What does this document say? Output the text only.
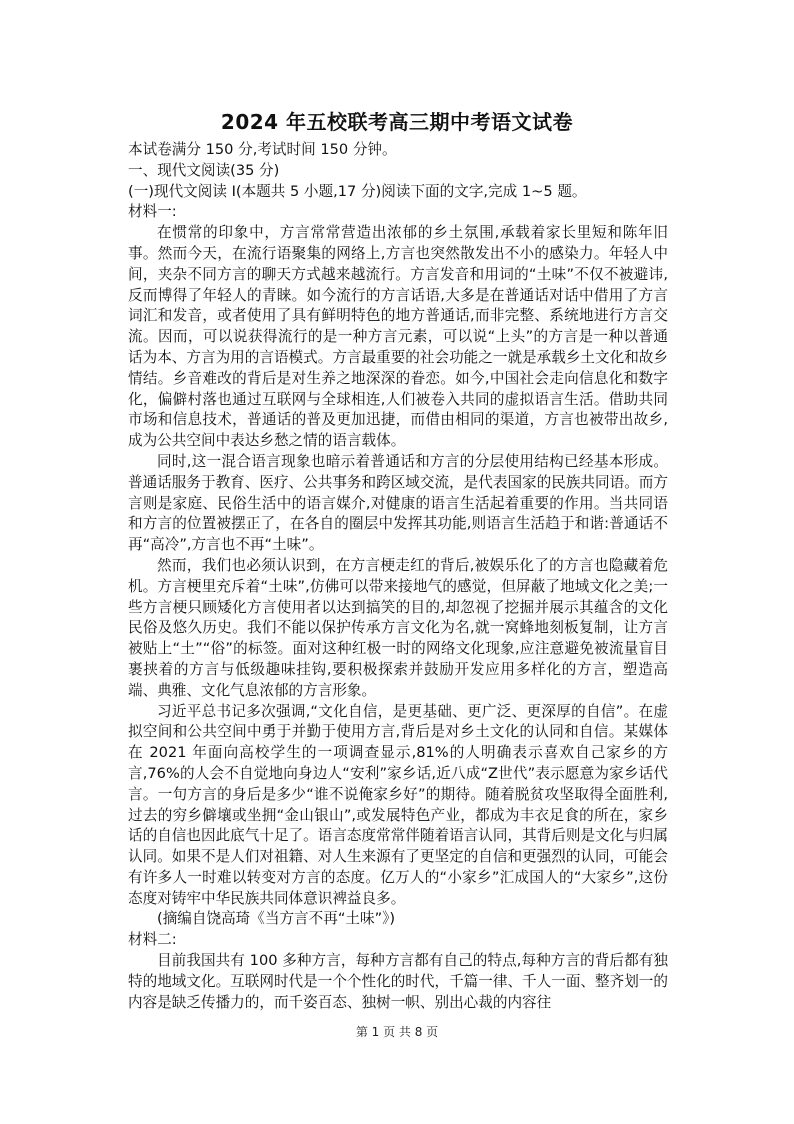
2024 年五校联考高三期中考语文试卷
本试卷满分 150 分,考试时间 150 分钟。
一、现代文阅读(35 分)
(一)现代文阅读 I(本题共 5 小题,17 分)阅读下面的文字,完成 1~5 题。
材料一:

在惯常的印象中，方言常常营造出浓郁的乡土氛围,承载着家长里短和陈年旧事。然而今天，在流行语聚集的网络上,方言也突然散发出不小的感染力。年轻人中间，夹杂不同方言的聊天方式越来越流行。方言发音和用词的“土味”不仅不被避讳,反而博得了年轻人的青睐。如今流行的方言话语,大多是在普通话对话中借用了方言词汇和发音，或者使用了具有鲜明特色的地方普通话,而非完整、系统地进行方言交流。因而，可以说获得流行的是一种方言元素，可以说“上头”的方言是一种以普通话为本、方言为用的言语模式。方言最重要的社会功能之一就是承载乡土文化和故乡情结。乡音难改的背后是对生养之地深深的眷恋。如今,中国社会走向信息化和数字化，偏僻村落也通过互联网与全球相连,人们被卷入共同的虚拟语言生活。借助共同市场和信息技术，普通话的普及更加迅捷，而借由相同的渠道，方言也被带出故乡,成为公共空间中表达乡愁之情的语言载体。

同时,这一混合语言现象也暗示着普通话和方言的分层使用结构已经基本形成。普通话服务于教育、医疗、公共事务和跨区域交流，是代表国家的民族共同语。而方言则是家庭、民俗生活中的语言媒介,对健康的语言生活起着重要的作用。当共同语和方言的位置被摆正了，在各自的圈层中发挥其功能,则语言生活趋于和谐:普通话不再“高冷”,方言也不再“土味”。

然而，我们也必须认识到，在方言梗走红的背后,被娱乐化了的方言也隐藏着危机。方言梗里充斥着“土味”,仿佛可以带来接地气的感觉，但屏蔽了地域文化之美;一些方言梗只顾矮化方言使用者以达到搞笑的目的,却忽视了挖掘并展示其蕴含的文化民俗及悠久历史。我们不能以保护传承方言文化为名,就一窝蜂地刻板复制，让方言被贴上“土”“俗”的标签。面对这种红极一时的网络文化现象,应注意避免被流量盲目裹挟着的方言与低级趣味挂钩,要积极探索并鼓励开发应用多样化的方言，塑造高端、典雅、文化气息浓郁的方言形象。

习近平总书记多次强调,“文化自信，是更基础、更广泛、更深厚的自信”。在虚拟空间和公共空间中勇于并勤于使用方言,背后是对乡土文化的认同和自信。某媒体在 2021 年面向高校学生的一项调查显示,81%的人明确表示喜欢自己家乡的方言,76%的人会不自觉地向身边人“安利”家乡话,近八成“Z世代”表示愿意为家乡话代言。一句方言的身后是多少“谁不说俺家乡好”的期待。随着脱贫攻坚取得全面胜利,过去的穷乡僻壤或坐拥“金山银山”,或发展特色产业，都成为丰衣足食的所在，家乡话的自信也因此底气十足了。语言态度常常伴随着语言认同，其背后则是文化与归属认同。如果不是人们对祖籍、对人生来源有了更坚定的自信和更强烈的认同，可能会有许多人一时难以转变对方言的态度。亿万人的“小家乡”汇成国人的“大家乡”,这份态度对铸牢中华民族共同体意识裨益良多。

(摘编自饶高琦《当方言不再“土味”》)
材料二:

目前我国共有 100 多种方言，每种方言都有自己的特点,每种方言的背后都有独特的地域文化。互联网时代是一个个性化的时代，千篇一律、千人一面、整齐划一的内容是缺乏传播力的，而千姿百态、独树一帜、别出心裁的内容往

第 1 页 共 8 页
